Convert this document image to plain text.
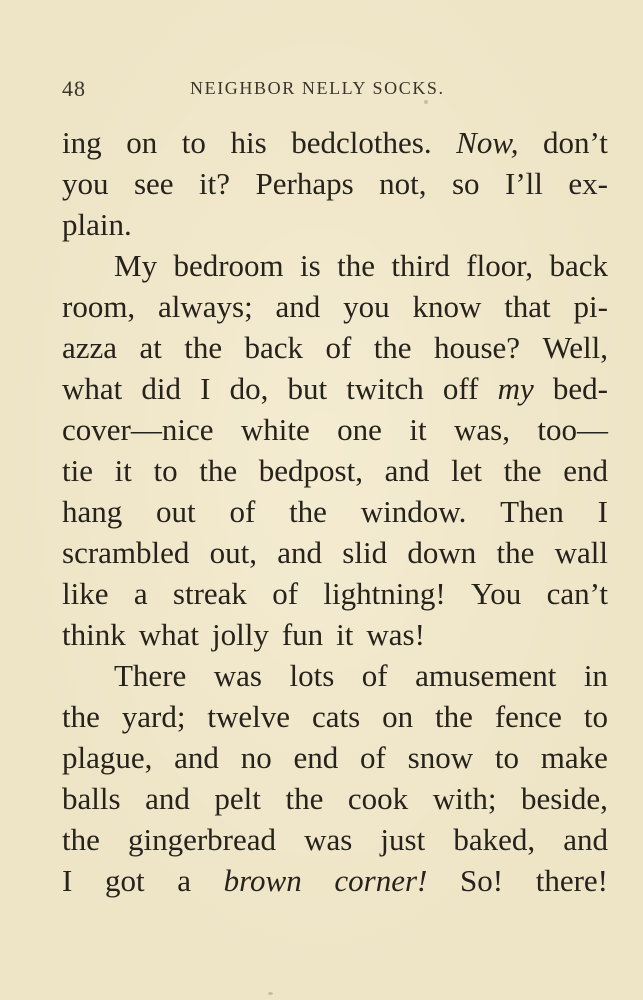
48	NEIGHBOR NELLY SOCKS.
ing on to his bedclothes. Now, don’t
you see it? Perhaps not, so I’ll ex-
plain.
My bedroom is the third floor, back
room, always; and you know that pi-
azza at the back of the house? Well,
what did I do, but twitch off my bed-
cover—nice white one it was, too—
tie it to the bedpost, and let the end
hang out of the window. Then I
scrambled out, and slid down the wall
like a streak of lightning! You can’t
think what jolly fun it was!
There was lots of amusement in
the yard; twelve cats on the fence to
plague, and no end of snow to make
balls and pelt the cook with; beside,
the gingerbread was just baked, and
I got a brown corner! So! there!
